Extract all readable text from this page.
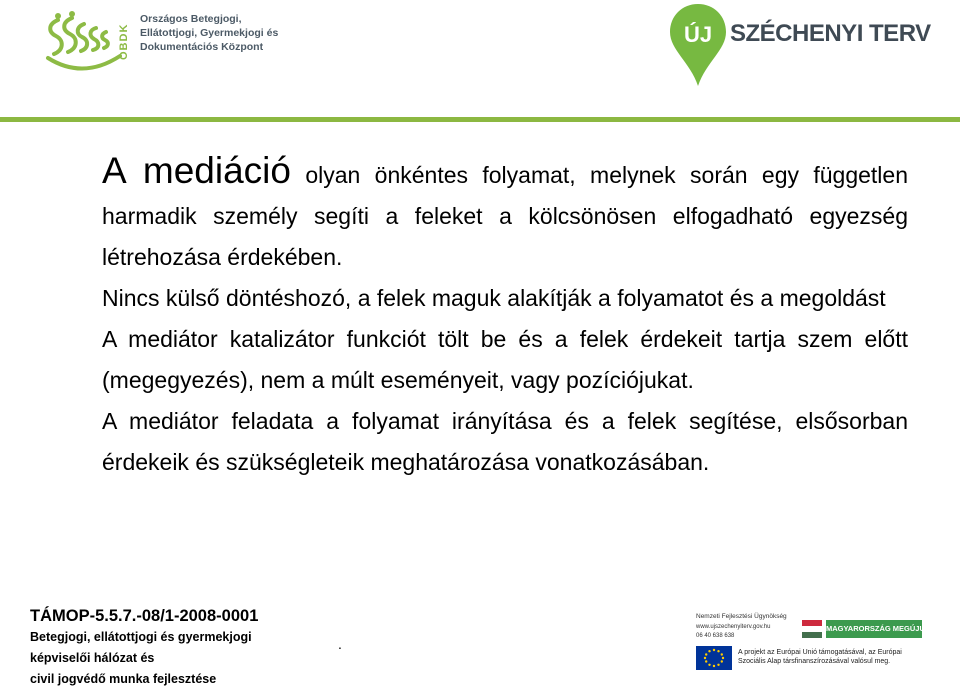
OBDK
Országos Betegjogi,
Ellátottjogi, Gyermekjogi és
Dokumentációs Központ	ÚJ SZÉCHENYI TERV

A mediáció olyan önkéntes folyamat, melynek során egy független harmadik személy segíti a feleket a kölcsönösen elfogadható egyezség létrehozása érdekében.

Nincs külső döntéshozó, a felek maguk alakítják a folyamatot és a megoldást

A mediátor katalizátor funkciót tölt be és a felek érdekeit tartja szem előtt (megegyezés), nem a múlt eseményeit, vagy pozíciójukat.

A mediátor feladata a folyamat irányítása és a felek segítése, elsősorban érdekeik és szükségleteik meghatározása vonatkozásában.

TÁMOP-5.5.7.-08/1-2008-0001
Betegjogi, ellátottjogi és gyermekjogi
képviselői hálózat és
civil jogvédő munka fejlesztése
.
Nemzeti Fejlesztési Ügynökség
www.ujszechenyiterv.gov.hu
06 40 638 638
MAGYARORSZÁG MEGÚJUL
A projekt az Európai Unió támogatásával, az Európai Szociális Alap társfinanszírozásával valósul meg.
